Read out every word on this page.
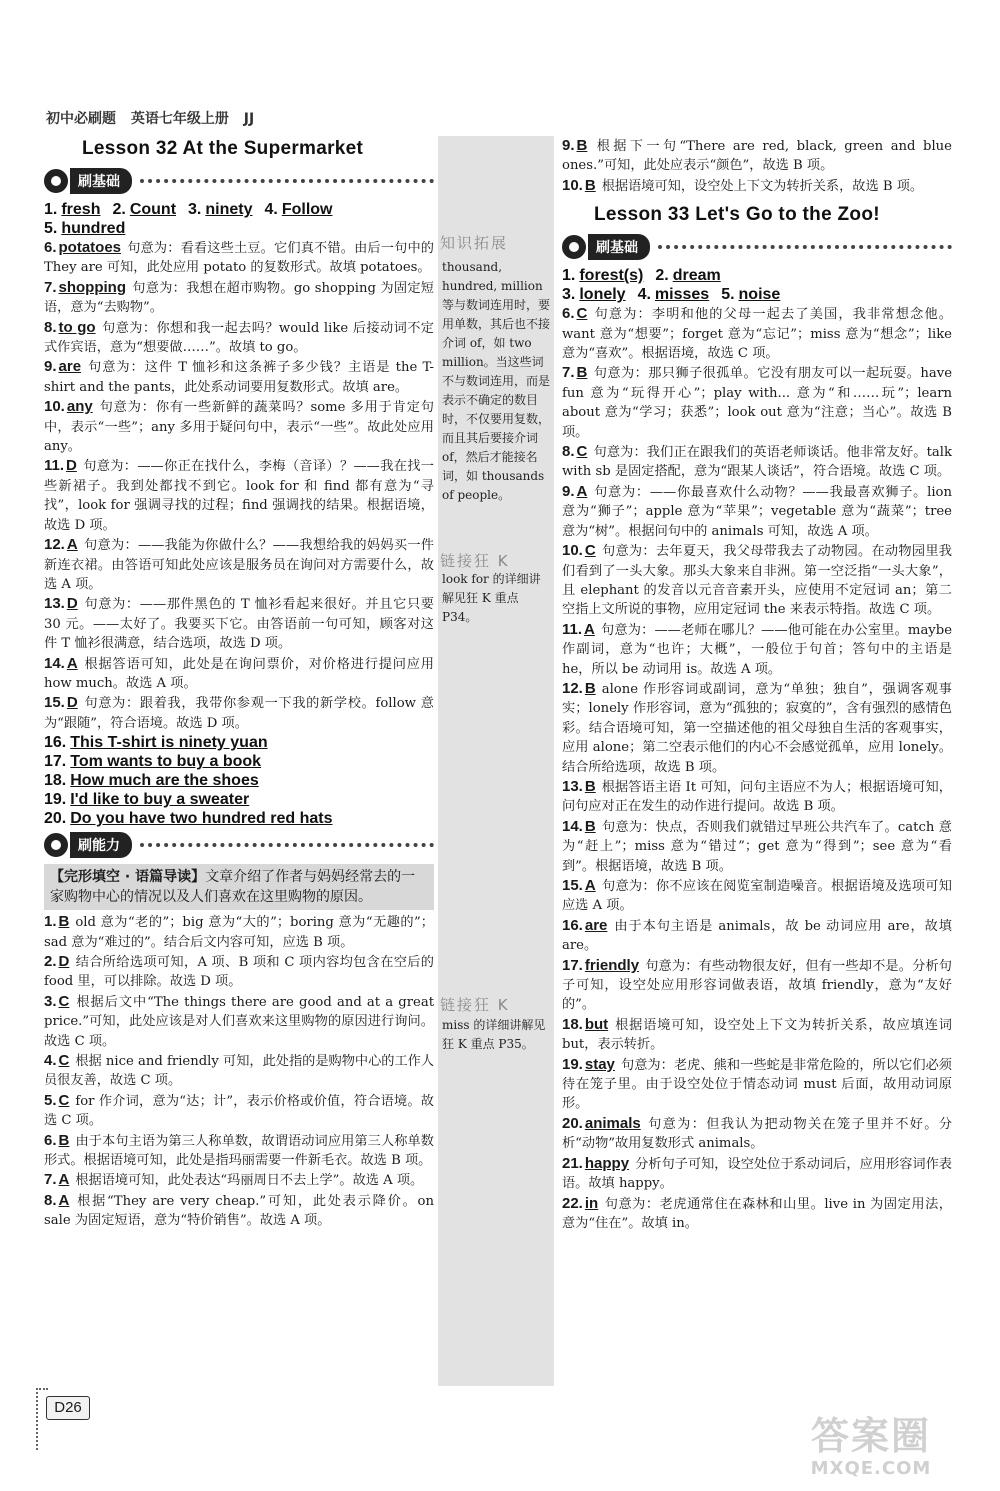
初中必刷题 英语七年级上册 JJ
Lesson 32 At the Supermarket
刷基础

1. fresh 2. Count 3. ninety 4. Follow

5. hundred

6. potatoes 句意为：看看这些土豆。它们真不错。由后一句中的 They are 可知，此处应用 potato 的复数形式。故填 potatoes。

7. shopping 句意为：我想在超市购物。go shopping 为固定短语，意为“去购物”。

8. to go 句意为：你想和我一起去吗？would like 后接动词不定式作宾语，意为“想要做……”。故填 to go。

9. are 句意为：这件 T 恤衫和这条裤子多少钱？主语是 the T-shirt and the pants，此处系动词要用复数形式。故填 are。

10. any 句意为：你有一些新鲜的蔬菜吗？some 多用于肯定句中，表示“一些”；any 多用于疑问句中，表示“一些”。故此处应用 any。

11. D 句意为：——你正在找什么，李梅（音译）？——我在找一些新裙子。我到处都找不到它。look for 和 find 都有意为“寻找”，look for 强调寻找的过程；find 强调找的结果。根据语境，故选 D 项。

12. A 句意为：——我能为你做什么？——我想给我的妈妈买一件新连衣裙。由答语可知此处应该是服务员在询问对方需要什么，故选 A 项。

13. D 句意为：——那件黑色的 T 恤衫看起来很好。并且它只要 30 元。——太好了。我要买下它。由答语前一句可知，顾客对这件 T 恤衫很满意，结合选项，故选 D 项。

14. A 根据答语可知，此处是在询问票价，对价格进行提问应用 how much。故选 A 项。

15. D 句意为：跟着我，我带你参观一下我的新学校。follow 意为“跟随”，符合语境。故选 D 项。

16. This T-shirt is ninety yuan

17. Tom wants to buy a book

18. How much are the shoes

19. I'd like to buy a sweater

20. Do you have two hundred red hats

刷能力
【完形填空 · 语篇导读】文章介绍了作者与妈妈经常去的一家购物中心的情况以及人们喜欢在这里购物的原因。

1. B old 意为“老的”；big 意为“大的”；boring 意为“无趣的”；sad 意为“难过的”。结合后文内容可知，应选 B 项。

2. D 结合所给选项可知，A 项、B 项和 C 项内容均包含在空后的 food 里，可以排除。故选 D 项。

3. C 根据后文中“The things there are good and at a great price.”可知，此处应该是对人们喜欢来这里购物的原因进行询问。故选 C 项。

4. C 根据 nice and friendly 可知，此处指的是购物中心的工作人员很友善，故选 C 项。

5. C for 作介词，意为“达；计”，表示价格或价值，符合语境。故选 C 项。

6. B 由于本句主语为第三人称单数，故谓语动词应用第三人称单数形式。根据语境可知，此处是指玛丽需要一件新毛衣。故选 B 项。

7. A 根据语境可知，此处表达“玛丽周日不去上学”。故选 A 项。

8. A 根据“They are very cheap.”可知，此处表示降价。on sale 为固定短语，意为“特价销售”。故选 A 项。

知识拓展
thousand, hundred, million 等与数词连用时，要用单数，其后也不接介词 of，如 two million。当这些词不与数词连用，而是表示不确定的数目时，不仅要用复数，而且其后要接介词 of，然后才能接名词，如 thousands of people。
链接狂 K
look for 的详细讲解见狂 K 重点 P34。
链接狂 K
miss 的详细讲解见狂 K 重点 P35。

9. B 根据下一句“There are red, black, green and blue ones.”可知，此处应表示“颜色”，故选 B 项。

10. B 根据语境可知，设空处上下文为转折关系，故选 B 项。

Lesson 33 Let's Go to the Zoo!
刷基础

1. forest(s) 2. dream

3. lonely 4. misses 5. noise

6. C 句意为：李明和他的父母一起去了美国，我非常想念他。want 意为“想要”；forget 意为“忘记”；miss 意为“想念”；like 意为“喜欢”。根据语境，故选 C 项。

7. B 句意为：那只狮子很孤单。它没有朋友可以一起玩耍。have fun 意为“玩得开心”；play with... 意为“和……玩”；learn about 意为“学习；获悉”；look out 意为“注意；当心”。故选 B 项。

8. C 句意为：我们正在跟我们的英语老师谈话。他非常友好。talk with sb 是固定搭配，意为“跟某人谈话”，符合语境。故选 C 项。

9. A 句意为：——你最喜欢什么动物？——我最喜欢狮子。lion 意为“狮子”；apple 意为“苹果”；vegetable 意为“蔬菜”；tree 意为“树”。根据问句中的 animals 可知，故选 A 项。

10. C 句意为：去年夏天，我父母带我去了动物园。在动物园里我们看到了一头大象。那头大象来自非洲。第一空泛指“一头大象”，且 elephant 的发音以元音音素开头，应使用不定冠词 an；第二空指上文所说的事物，应用定冠词 the 来表示特指。故选 C 项。

11. A 句意为：——老师在哪儿？——他可能在办公室里。maybe 作副词，意为“也许；大概”，一般位于句首；答句中的主语是 he，所以 be 动词用 is。故选 A 项。

12. B alone 作形容词或副词，意为“单独；独自”，强调客观事实；lonely 作形容词，意为“孤独的；寂寞的”，含有强烈的感情色彩。结合语境可知，第一空描述他的祖父母独自生活的客观事实，应用 alone；第二空表示他们的内心不会感觉孤单，应用 lonely。结合所给选项，故选 B 项。

13. B 根据答语主语 It 可知，问句主语应不为人；根据语境可知，问句应对正在发生的动作进行提问。故选 B 项。

14. B 句意为：快点，否则我们就错过早班公共汽车了。catch 意为“赶上”；miss 意为“错过”；get 意为“得到”；see 意为“看到”。根据语境，故选 B 项。

15. A 句意为：你不应该在阅览室制造噪音。根据语境及选项可知应选 A 项。

16. are 由于本句主语是 animals，故 be 动词应用 are，故填 are。

17. friendly 句意为：有些动物很友好，但有一些却不是。分析句子可知，设空处应用形容词做表语，故填 friendly，意为“友好的”。

18. but 根据语境可知，设空处上下文为转折关系，故应填连词 but，表示转折。

19. stay 句意为：老虎、熊和一些蛇是非常危险的，所以它们必须待在笼子里。由于设空处位于情态动词 must 后面，故用动词原形。

20. animals 句意为：但我认为把动物关在笼子里并不好。分析“动物”故用复数形式 animals。

21. happy 分析句子可知，设空处位于系动词后，应用形容词作表语。故填 happy。

22. in 句意为：老虎通常住在森林和山里。live in 为固定用法，意为“住在”。故填 in。

D26
答案圈
MXQE.COM
